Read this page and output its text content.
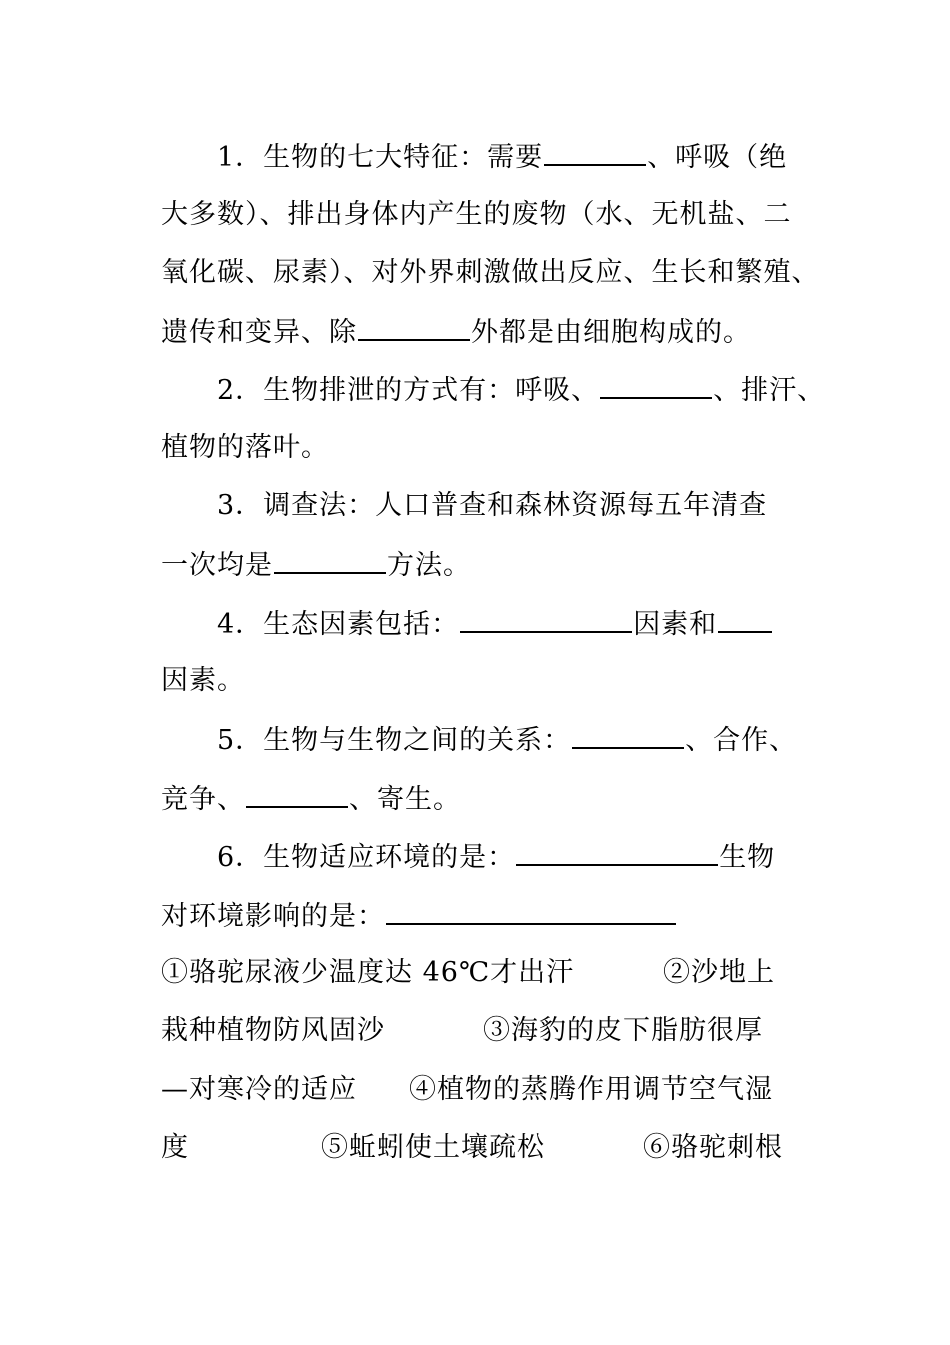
1．生物的七大特征：需要	、呼吸（绝
大多数）、排出身体内产生的废物（水、无机盐、二
氧化碳、尿素）、对外界刺激做出反应、生长和繁殖、
遗传和变异、除	外都是由细胞构成的。
2．生物排泄的方式有：呼吸、	、排汗、
植物的落叶。
3．调查法：人口普查和森林资源每五年清查
一次均是	方法。
4．生态因素包括：	因素和
因素。
5．生物与生物之间的关系：	、合作、
竞争、	、寄生。
6．生物适应环境的是：	生物
对环境影响的是：
①骆驼尿液少温度达 46℃才出汗	②沙地上
栽种植物防风固沙	③海豹的皮下脂肪很厚
—对寒冷的适应 ④植物的蒸腾作用调节空气湿
度	⑤蚯蚓使土壤疏松	⑥骆驼刺根
